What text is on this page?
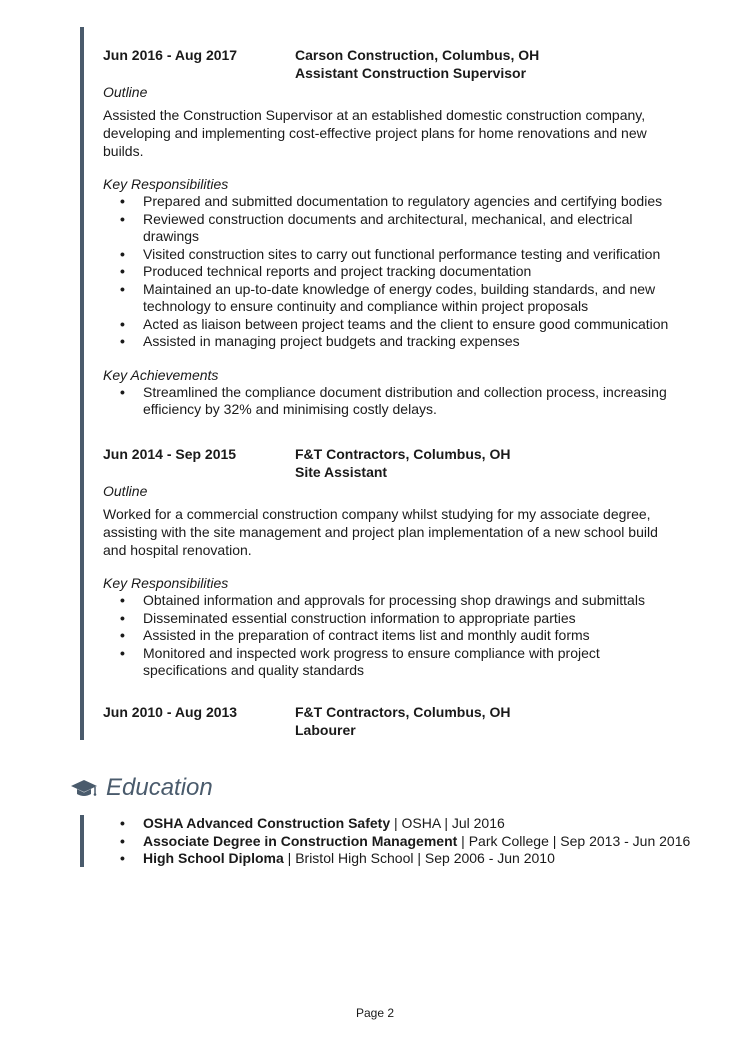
Jun 2016 - Aug 2017	Carson Construction, Columbus, OH
Assistant Construction Supervisor
Outline

Assisted the Construction Supervisor at an established domestic construction company, developing and implementing cost-effective project plans for home renovations and new builds.

Key Responsibilities
• Prepared and submitted documentation to regulatory agencies and certifying bodies
• Reviewed construction documents and architectural, mechanical, and electrical drawings
• Visited construction sites to carry out functional performance testing and verification
• Produced technical reports and project tracking documentation
• Maintained an up-to-date knowledge of energy codes, building standards, and new technology to ensure continuity and compliance within project proposals
• Acted as liaison between project teams and the client to ensure good communication
• Assisted in managing project budgets and tracking expenses
Key Achievements
• Streamlined the compliance document distribution and collection process, increasing efficiency by 32% and minimising costly delays.
Jun 2014 - Sep 2015	F&T Contractors, Columbus, OH
Site Assistant
Outline

Worked for a commercial construction company whilst studying for my associate degree, assisting with the site management and project plan implementation of a new school build and hospital renovation.

Key Responsibilities
• Obtained information and approvals for processing shop drawings and submittals
• Disseminated essential construction information to appropriate parties
• Assisted in the preparation of contract items list and monthly audit forms
• Monitored and inspected work progress to ensure compliance with project specifications and quality standards
Jun 2010 - Aug 2013	F&T Contractors, Columbus, OH
Labourer
Education
• OSHA Advanced Construction Safety | OSHA | Jul 2016
• Associate Degree in Construction Management | Park College | Sep 2013 - Jun 2016
• High School Diploma | Bristol High School | Sep 2006 - Jun 2010
Page 2
